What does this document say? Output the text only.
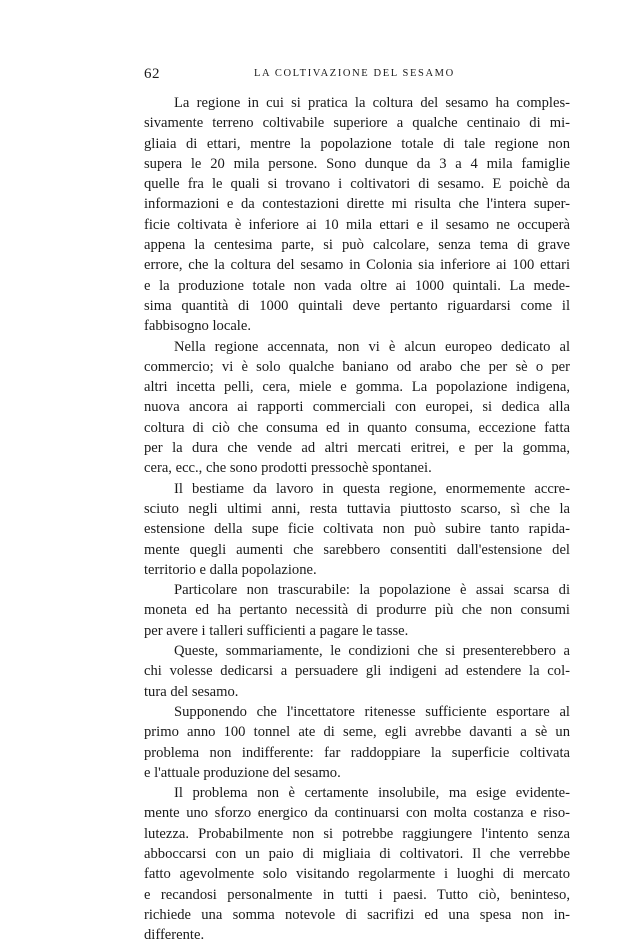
62	LA COLTIVAZIONE DEL SESAMO
La regione in cui si pratica la coltura del sesamo ha comples-
sivamente terreno coltivabile superiore a qualche centinaio di mi-
gliaia di ettari, mentre la popolazione totale di tale regione non
supera le 20 mila persone. Sono dunque da 3 a 4 mila famiglie
quelle fra le quali si trovano i coltivatori di sesamo. E poichè da
informazioni e da contestazioni dirette mi risulta che l'intera super-
ficie coltivata è inferiore ai 10 mila ettari e il sesamo ne occuperà
appena la centesima parte, si può calcolare, senza tema di grave
errore, che la coltura del sesamo in Colonia sia inferiore ai 100 ettari
e la produzione totale non vada oltre ai 1000 quintali. La mede-
sima quantità di 1000 quintali deve pertanto riguardarsi come il
fabbisogno locale.
Nella regione accennata, non vi è alcun europeo dedicato al
commercio; vi è solo qualche baniano od arabo che per sè o per
altri incetta pelli, cera, miele e gomma. La popolazione indigena,
nuova ancora ai rapporti commerciali con europei, si dedica alla
coltura di ciò che consuma ed in quanto consuma, eccezione fatta
per la dura che vende ad altri mercati eritrei, e per la gomma,
cera, ecc., che sono prodotti pressochè spontanei.
Il bestiame da lavoro in questa regione, enormemente accre-
sciuto negli ultimi anni, resta tuttavia piuttosto scarso, sì che la
estensione della supe ficie coltivata non può subire tanto rapida-
mente quegli aumenti che sarebbero consentiti dall'estensione del
territorio e dalla popolazione.
Particolare non trascurabile: la popolazione è assai scarsa di
moneta ed ha pertanto necessità di produrre più che non consumi
per avere i talleri sufficienti a pagare le tasse.
Queste, sommariamente, le condizioni che si presenterebbero a
chi volesse dedicarsi a persuadere gli indigeni ad estendere la col-
tura del sesamo.
Supponendo che l'incettatore ritenesse sufficiente esportare al
primo anno 100 tonnel ate di seme, egli avrebbe davanti a sè un
problema non indifferente: far raddoppiare la superficie coltivata
e l'attuale produzione del sesamo.
Il problema non è certamente insolubile, ma esige evidente-
mente uno sforzo energico da continuarsi con molta costanza e riso-
lutezza. Probabilmente non si potrebbe raggiungere l'intento senza
abboccarsi con un paio di migliaia di coltivatori. Il che verrebbe
fatto agevolmente solo visitando regolarmente i luoghi di mercato
e recandosi personalmente in tutti i paesi. Tutto ciò, beninteso,
richiede una somma notevole di sacrifizi ed una spesa non in-
differente.
